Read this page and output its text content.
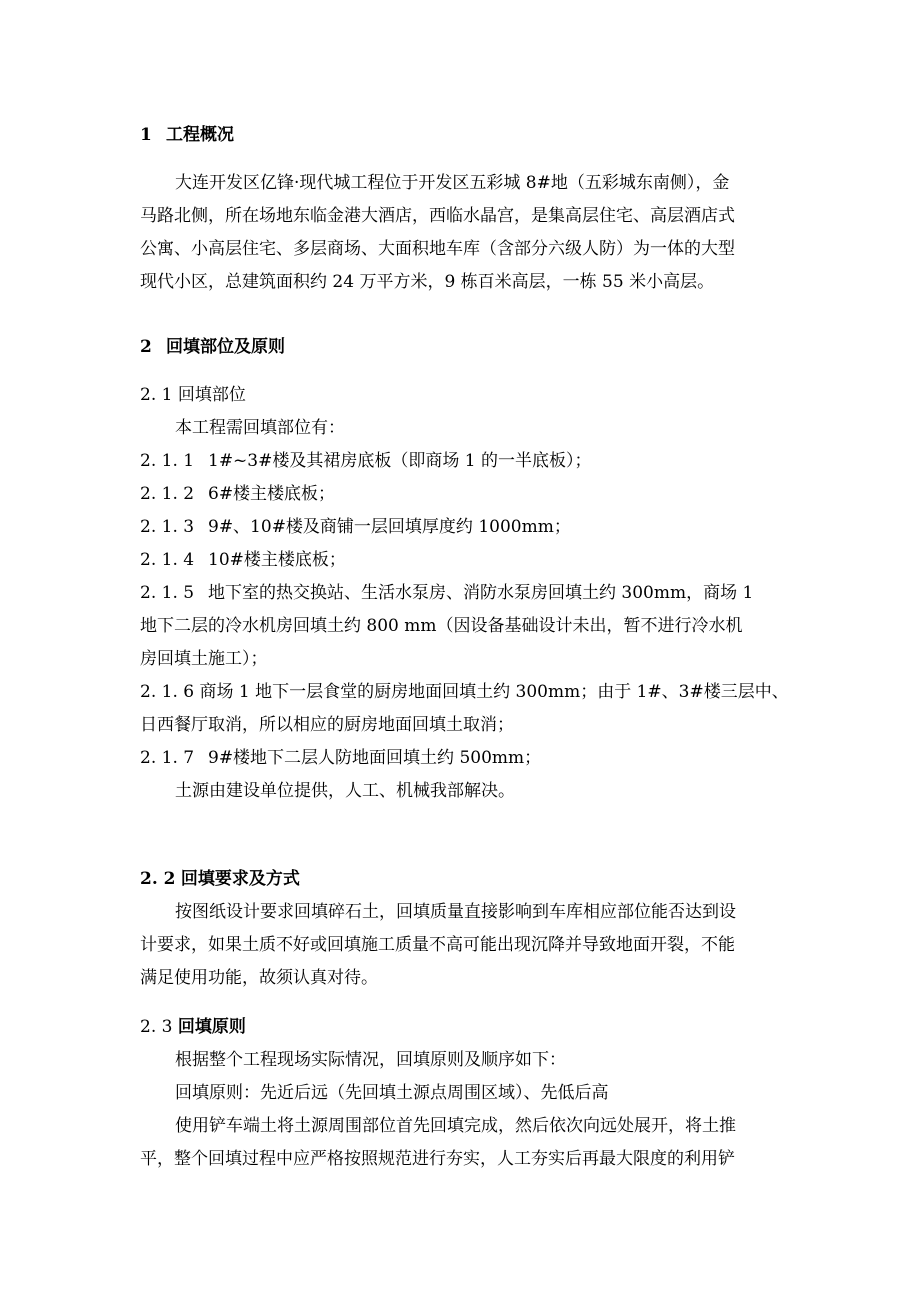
1 工程概况
大连开发区亿锋·现代城工程位于开发区五彩城 8#地（五彩城东南侧），金
马路北侧，所在场地东临金港大酒店，西临水晶宫，是集高层住宅、高层酒店式
公寓、小高层住宅、多层商场、大面积地车库（含部分六级人防）为一体的大型
现代小区，总建筑面积约 24 万平方米，9 栋百米高层，一栋 55 米小高层。
2 回填部位及原则
2. 1 回填部位
本工程需回填部位有：
2. 1. 1 1#~3#楼及其裙房底板（即商场 1 的一半底板）；
2. 1. 2 6#楼主楼底板；
2. 1. 3 9#、10#楼及商铺一层回填厚度约 1000mm；
2. 1. 4 10#楼主楼底板；
2. 1. 5 地下室的热交换站、生活水泵房、消防水泵房回填土约 300mm，商场 1
地下二层的冷水机房回填土约 800 mm（因设备基础设计未出，暂不进行冷水机
房回填土施工）；
2. 1. 6 商场 1 地下一层食堂的厨房地面回填土约 300mm；由于 1#、3#楼三层中、
日西餐厅取消，所以相应的厨房地面回填土取消；
2. 1. 7 9#楼地下二层人防地面回填土约 500mm；
土源由建设单位提供，人工、机械我部解决。
2. 2 回填要求及方式
按图纸设计要求回填碎石土，回填质量直接影响到车库相应部位能否达到设
计要求，如果土质不好或回填施工质量不高可能出现沉降并导致地面开裂，不能
满足使用功能，故须认真对待。
2. 3 回填原则
根据整个工程现场实际情况，回填原则及顺序如下：
回填原则：先近后远（先回填土源点周围区域）、先低后高
使用铲车端土将土源周围部位首先回填完成，然后依次向远处展开，将土推
平，整个回填过程中应严格按照规范进行夯实，人工夯实后再最大限度的利用铲
